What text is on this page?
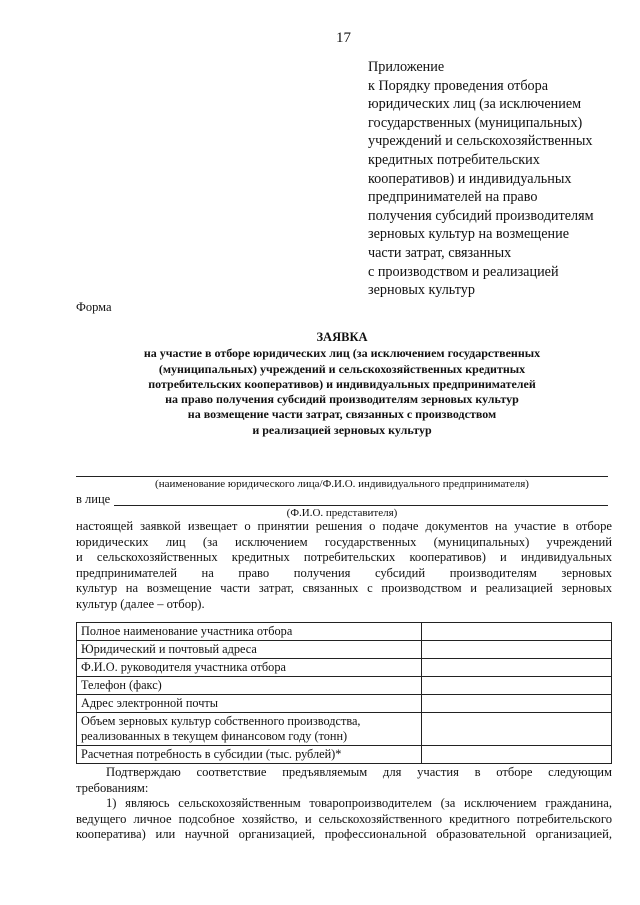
17
Приложение
к Порядку проведения отбора
юридических лиц (за исключением
государственных (муниципальных)
учреждений и сельскохозяйственных
кредитных потребительских
кооперативов) и индивидуальных
предпринимателей на право
получения субсидий производителям
зерновых культур на возмещение
части затрат, связанных
с производством и реализацией
зерновых культур
Форма
ЗАЯВКА
на участие в отборе юридических лиц (за исключением государственных
(муниципальных) учреждений и сельскохозяйственных кредитных
потребительских кооперативов) и индивидуальных предпринимателей
на право получения субсидий производителям зерновых культур
на возмещение части затрат, связанных с производством
и реализацией зерновых культур
(наименование юридического лица/Ф.И.О. индивидуального предпринимателя)
в лице
(Ф.И.О. представителя)
настоящей заявкой извещает о принятии решения о подаче документов на участие в отборе
юридических лиц (за исключением государственных (муниципальных) учреждений
и сельскохозяйственных кредитных потребительских кооперативов) и индивидуальных
предпринимателей на право получения субсидий производителям зерновых
культур на возмещение части затрат, связанных с производством и реализацией зерновых
культур (далее – отбор).
Полное наименование участника отбора	
Юридический и почтовый адреса	
Ф.И.О. руководителя участника отбора	
Телефон (факс)	
Адрес электронной почты	

Объем зерновых культур собственного производства,
реализованных в текущем финансовом году (тонн)	

Расчетная потребность в субсидии (тыс. рублей)*	
Подтверждаю соответствие предъявляемым для участия в отборе следующим
требованиям:
1) являюсь сельскохозяйственным товаропроизводителем (за исключением гражданина,
ведущего личное подсобное хозяйство, и сельскохозяйственного кредитного потребительского
кооператива) или научной организацией, профессиональной образовательной организацией,
